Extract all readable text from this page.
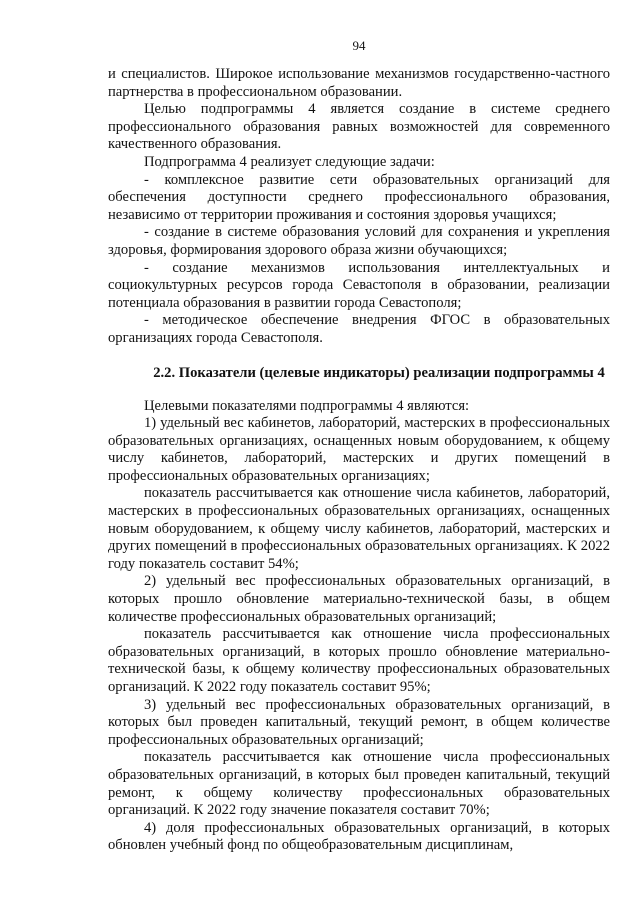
94

и специалистов. Широкое использование механизмов государственно-частного партнерства в профессиональном образовании.

Целью подпрограммы 4 является создание в системе среднего профессионального образования равных возможностей для современного качественного образования.

Подпрограмма 4 реализует следующие задачи:

- комплексное развитие сети образовательных организаций для обеспечения доступности среднего профессионального образования, независимо от территории проживания и состояния здоровья учащихся;

- создание в системе образования условий для сохранения и укрепления здоровья, формирования здорового образа жизни обучающихся;

- создание механизмов использования интеллектуальных и социокультурных ресурсов города Севастополя в образовании, реализации потенциала образования в развитии города Севастополя;

- методическое обеспечение внедрения ФГОС в образовательных организациях города Севастополя.

2.2. Показатели (целевые индикаторы) реализации подпрограммы 4

Целевыми показателями подпрограммы 4 являются:

1) удельный вес кабинетов, лабораторий, мастерских в профессиональных образовательных организациях, оснащенных новым оборудованием, к общему числу кабинетов, лабораторий, мастерских и других помещений в профессиональных образовательных организациях;

показатель рассчитывается как отношение числа кабинетов, лабораторий, мастерских в профессиональных образовательных организациях, оснащенных новым оборудованием, к общему числу кабинетов, лабораторий, мастерских и других помещений в профессиональных образовательных организациях. К 2022 году показатель составит 54%;

2) удельный вес профессиональных образовательных организаций, в которых прошло обновление материально-технической базы, в общем количестве профессиональных образовательных организаций;

показатель рассчитывается как отношение числа профессиональных образовательных организаций, в которых прошло обновление материально-технической базы, к общему количеству профессиональных образовательных организаций. К 2022 году показатель составит 95%;

3) удельный вес профессиональных образовательных организаций, в которых был проведен капитальный, текущий ремонт, в общем количестве профессиональных образовательных организаций;

показатель рассчитывается как отношение числа профессиональных образовательных организаций, в которых был проведен капитальный, текущий ремонт, к общему количеству профессиональных образовательных организаций. К 2022 году значение показателя составит 70%;

4) доля профессиональных образовательных организаций, в которых обновлен учебный фонд по общеобразовательным дисциплинам,
